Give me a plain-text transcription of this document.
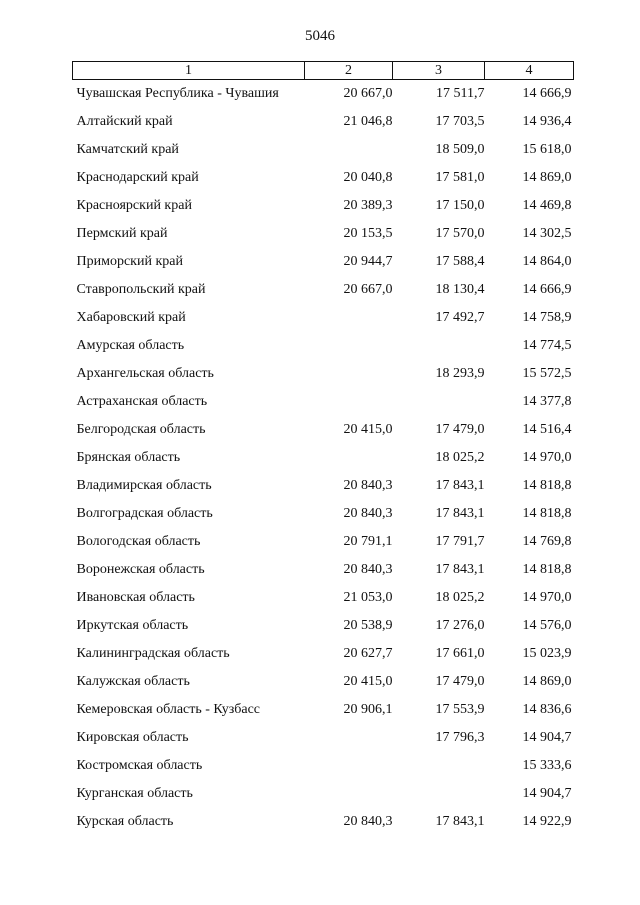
5046
1	2	3	4
Чувашская Республика - Чувашия	20 667,0	17 511,7	14 666,9
Алтайский край	21 046,8	17 703,5	14 936,4
Камчатский край		18 509,0	15 618,0
Краснодарский край	20 040,8	17 581,0	14 869,0
Красноярский край	20 389,3	17 150,0	14 469,8
Пермский край	20 153,5	17 570,0	14 302,5
Приморский край	20 944,7	17 588,4	14 864,0
Ставропольский край	20 667,0	18 130,4	14 666,9
Хабаровский край		17 492,7	14 758,9
Амурская область			14 774,5
Архангельская область		18 293,9	15 572,5
Астраханская область			14 377,8
Белгородская область	20 415,0	17 479,0	14 516,4
Брянская область		18 025,2	14 970,0
Владимирская область	20 840,3	17 843,1	14 818,8
Волгоградская область	20 840,3	17 843,1	14 818,8
Вологодская область	20 791,1	17 791,7	14 769,8
Воронежская область	20 840,3	17 843,1	14 818,8
Ивановская область	21 053,0	18 025,2	14 970,0
Иркутская область	20 538,9	17 276,0	14 576,0
Калининградская область	20 627,7	17 661,0	15 023,9
Калужская область	20 415,0	17 479,0	14 869,0
Кемеровская область - Кузбасс	20 906,1	17 553,9	14 836,6
Кировская область		17 796,3	14 904,7
Костромская область			15 333,6
Курганская область			14 904,7
Курская область	20 840,3	17 843,1	14 922,9
